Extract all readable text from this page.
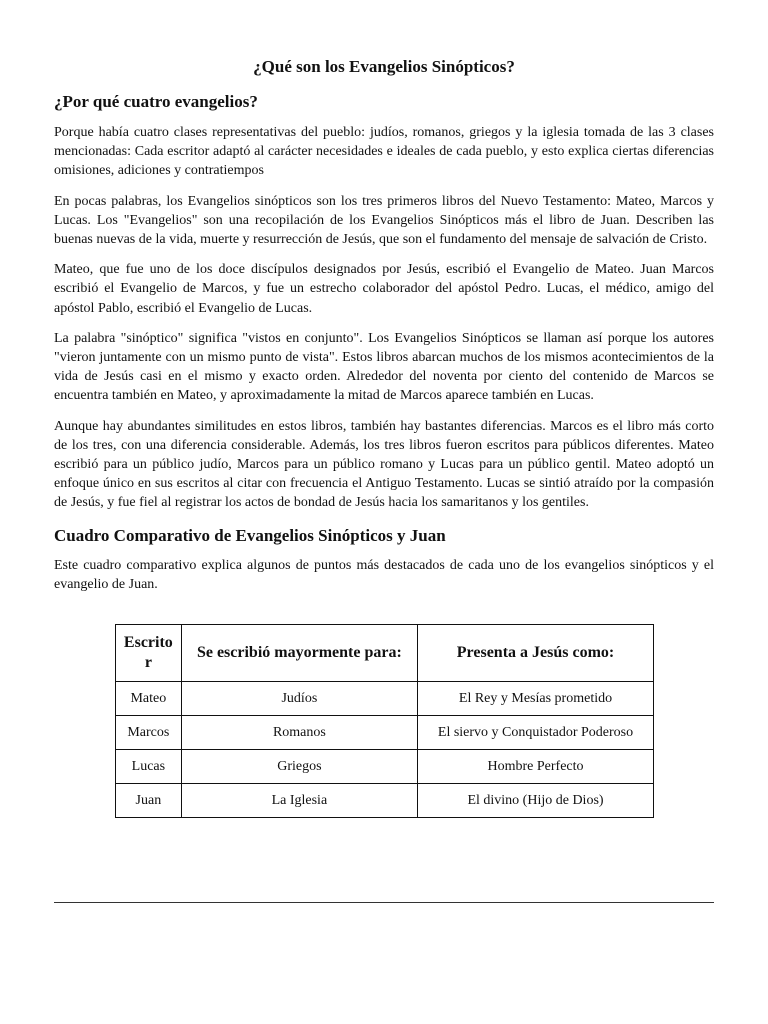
¿Qué son los Evangelios Sinópticos?
¿Por qué cuatro evangelios?

Porque había cuatro clases representativas del pueblo: judíos, romanos, griegos y la iglesia tomada de las 3 clases mencionadas: Cada escritor adaptó al carácter necesidades e ideales de cada pueblo, y esto explica ciertas diferencias omisiones, adiciones y contratiempos

En pocas palabras, los Evangelios sinópticos son los tres primeros libros del Nuevo Testamento: Mateo, Marcos y Lucas. Los "Evangelios" son una recopilación de los Evangelios Sinópticos más el libro de Juan. Describen las buenas nuevas de la vida, muerte y resurrección de Jesús, que son el fundamento del mensaje de salvación de Cristo.

Mateo, que fue uno de los doce discípulos designados por Jesús, escribió el Evangelio de Mateo. Juan Marcos escribió el Evangelio de Marcos, y fue un estrecho colaborador del apóstol Pedro. Lucas, el médico, amigo del apóstol Pablo, escribió el Evangelio de Lucas.

La palabra "sinóptico" significa "vistos en conjunto". Los Evangelios Sinópticos se llaman así porque los autores "vieron juntamente con un mismo punto de vista". Estos libros abarcan muchos de los mismos acontecimientos de la vida de Jesús casi en el mismo y exacto orden. Alrededor del noventa por ciento del contenido de Marcos se encuentra también en Mateo, y aproximadamente la mitad de Marcos aparece también en Lucas.

Aunque hay abundantes similitudes en estos libros, también hay bastantes diferencias. Marcos es el libro más corto de los tres, con una diferencia considerable. Además, los tres libros fueron escritos para públicos diferentes. Mateo escribió para un público judío, Marcos para un público romano y Lucas para un público gentil. Mateo adoptó un enfoque único en sus escritos al citar con frecuencia el Antiguo Testamento. Lucas se sintió atraído por la compasión de Jesús, y fue fiel al registrar los actos de bondad de Jesús hacia los samaritanos y los gentiles.

Cuadro Comparativo de Evangelios Sinópticos y Juan

Este cuadro comparativo explica algunos de puntos más destacados de cada uno de los evangelios sinópticos y el evangelio de Juan.

Escrito r	Se escribió mayormente para:	Presenta a Jesús como:
Mateo	Judíos	El Rey y Mesías prometido
Marcos	Romanos	El siervo y Conquistador Poderoso
Lucas	Griegos	Hombre Perfecto
Juan	La Iglesia	El divino (Hijo de Dios)
